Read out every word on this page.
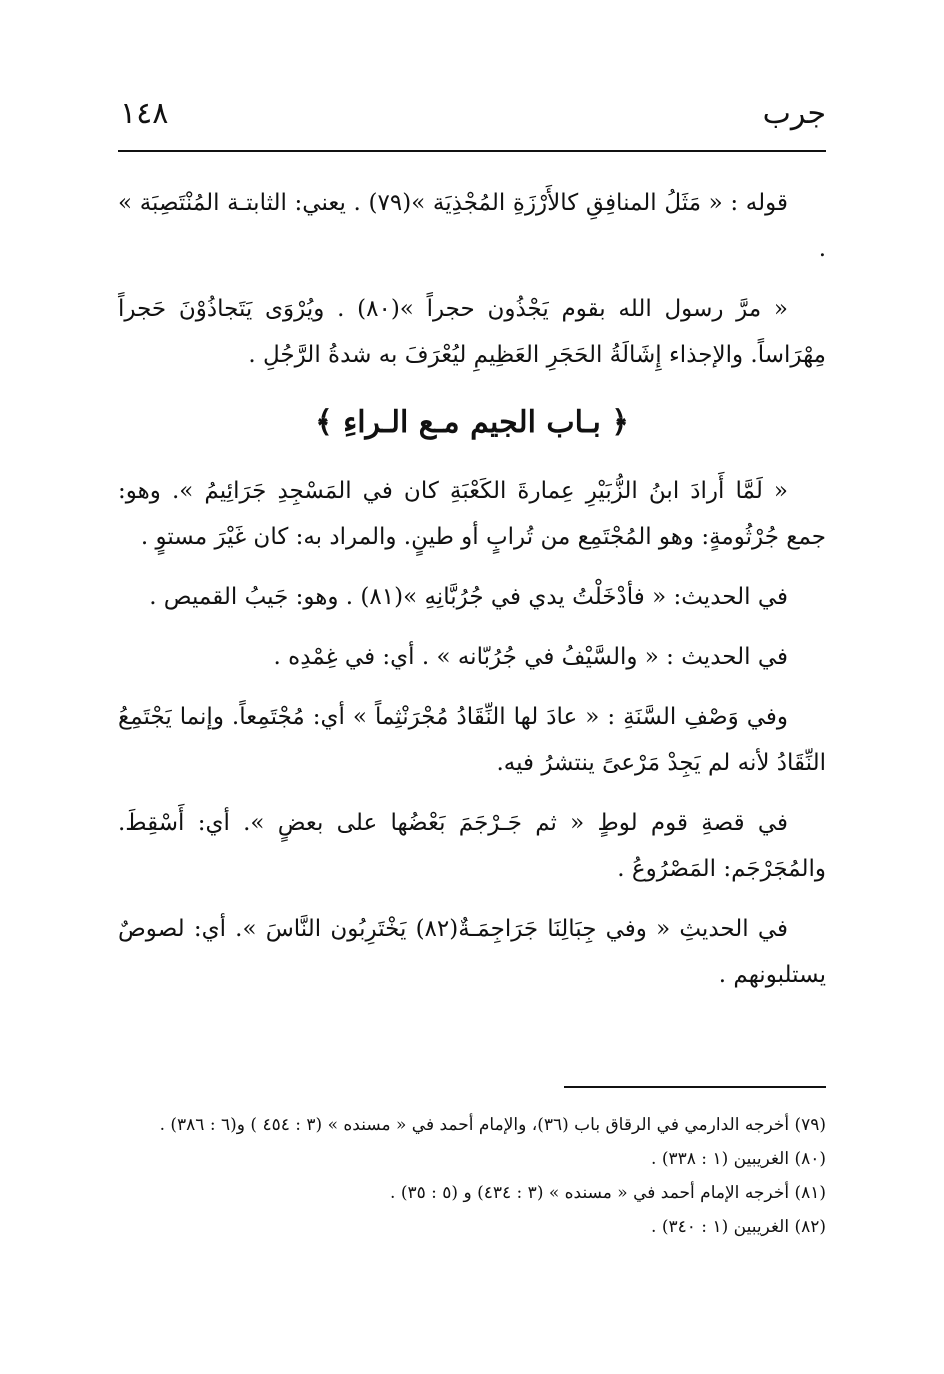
جرب
١٤٨

قوله : « مَثَلُ المنافِقِ كالأَرْزَةِ المُجْذِيَة »(٧٩) . يعني: الثابتـة المُنْتَصِبَة » .

« مرَّ رسول الله بقوم يَجْذُون حجراً »(٨٠) . ويُرْوَى يَتَجاذُوْنَ حَجراً مِهْرَاساً. والإجذاء إِشَالَةُ الحَجَرِ العَظِيمِ ليُعْرَفَ به شدةُ الرَّجُلِ .

﴿ بـاب الجيم مـع الـراءِ ﴾

« لَمَّا أَرادَ ابنُ الزُّبَيْرِ عِمارةَ الكَعْبَةِ كان في المَسْجِدِ جَرَائِيمُ ». وهو: جمع جُرْثُومةٍ: وهو المُجْتَمِع من تُرابٍ أو طينٍ. والمراد به: كان غَيْرَ مستوٍ .

في الحديث: « فأدْخَلْتُ يدي في جُرُبَّانِهِ »(٨١) . وهو: جَيبُ القميص .

في الحديث : « والسَّيْفُ في جُرُبّانه » . أي: في غِمْدِه .

وفي وَصْفِ السَّنَةِ : « عادَ لها النِّقَادُ مُجْرَنْثِماً » أي: مُجْتَمِعاً. وإنما يَجْتَمِعُ النِّقَادُ لأنه لم يَجِدْ مَرْعىً ينتشرُ فيه.

في قصةِ قوم لوطٍ « ثم جَـرْجَمَ بَعْضُها على بعضٍ ». أي: أَسْقِطَ. والمُجَرْجَم: المَصْرُوعُ .

في الحديثِ « وفي جِبَالِنَا جَرَاجِمَـةٌ(٨٢) يَخْتَرِبُون النَّاسَ ». أي: لصوصٌ يستلبونهم .

(٧٩) أخرجه الدارمي في الرقاق باب (٣٦)، والإمام أحمد في « مسنده » (٣ : ٤٥٤ ) و(٦ : ٣٨٦) .

(٨٠) الغريبين (١ : ٣٣٨) .

(٨١) أخرجه الإمام أحمد في « مسنده » (٣ : ٤٣٤) و (٥ : ٣٥) .

(٨٢) الغريبين (١ : ٣٤٠) .
